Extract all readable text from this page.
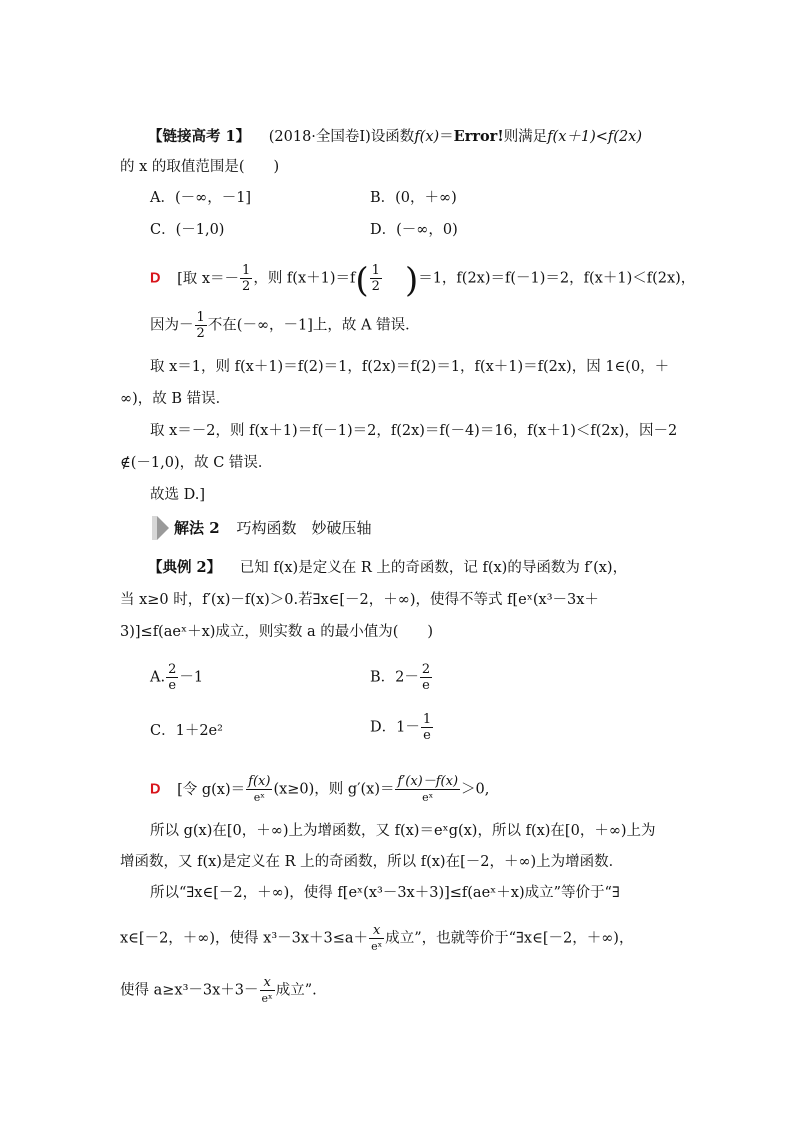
【链接高考 1】 (2018·全国卷Ⅰ)设函数f(x)＝Error!则满足f(x＋1)<f(2x)
的 x 的取值范围是(　　)
A．(－∞，－1]	B．(0，＋∞)
C．(－1,0)	D．(－∞，0)
D [取 $x=- \frac{1}{2}$ ，则 $f(x+1)=f( \frac{1}{2} )=1$，f(2x)＝f(－1)＝2，f(x＋1)＜f(2x)，
因为－ $\frac{1}{2}$ 不在(－∞，－1]上，故 A 错误．
取 x＝1，则 f(x＋1)＝f(2)＝1，f(2x)＝f(2)＝1，f(x＋1)＝f(2x)，因 1∈(0，＋
∞)，故 B 错误．
取 x＝－2，则 f(x＋1)＝f(－1)＝2，f(2x)＝f(－4)＝16，f(x＋1)＜f(2x)，因－2
∉(－1,0)，故 C 错误．
故选 D.]
解法 2 巧构函数　妙破压轴
【典例 2】 已知 f(x)是定义在 R 上的奇函数，记 f(x)的导函数为 f′(x)，
当 x≥0 时，f′(x)－f(x)＞0.若∃x∈[－2，＋∞)，使得不等式 f[eˣ(x³－3x＋
3)]≤f(aeˣ＋x)成立，则实数 a 的最小值为(　　)
A. $\frac{2}{e} -1$	B．$2- \frac{2}{e}$
C．1＋2e²	D．$1- \frac{1}{e}$
D [令 $g(x)= \frac{f(x)}{\text{eˣ}} (x\ge 0)$，则 $g'(x)= \frac{f'(x)-f(x)}{\text{eˣ}} >0$,
所以 g(x)在[0，＋∞)上为增函数，又 f(x)＝eˣg(x)，所以 f(x)在[0，＋∞)上为
增函数，又 f(x)是定义在 R 上的奇函数，所以 f(x)在[－2，＋∞)上为增函数．
所以“∃x∈[－2，＋∞)，使得 f[eˣ(x³－3x＋3)]≤f(aeˣ＋x)成立”等价于“∃
x∈[－2，＋∞)，使得 $x^3-3x+3\le a+ \frac{x}{\text{eˣ}}$ 成立”，也就等价于“∃x∈[－2，＋∞)，
使得 $a\ge x^3-3x+3- \frac{x}{\text{eˣ}}$ 成立”.
